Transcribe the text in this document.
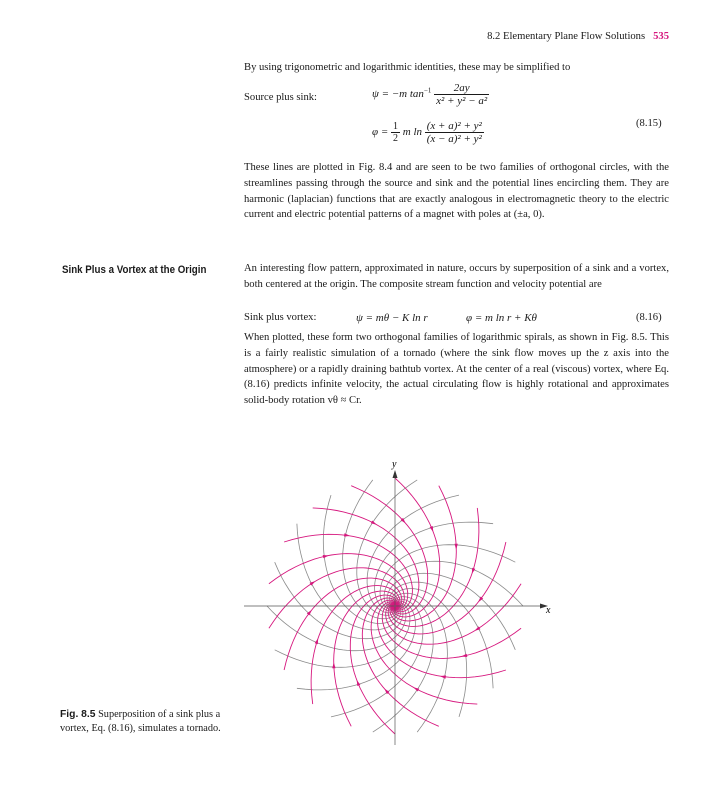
8.2 Elementary Plane Flow Solutions 535
By using trigonometric and logarithmic identities, these may be simplified to
Source plus sink:	ψ = −m $\tan^{-1} \frac{2ay}{\text{x² + y² − a²}}$
$\varphi = \frac{1}{2}$ m $\ln \frac{\text{(x + a)² + y²}}{\text{(x − a)² + y²}}$	(8.15)
These lines are plotted in Fig. 8.4 and are seen to be two families of orthogonal circles, with the streamlines passing through the source and sink and the potential lines encircling them. They are harmonic (laplacian) functions that are exactly analogous in electromagnetic theory to the electric current and electric potential patterns of a magnet with poles at (±a, 0).
Sink Plus a Vortex at the Origin	An interesting flow pattern, approximated in nature, occurs by superposition of a sink and a vortex, both centered at the origin. The composite stream function and velocity potential are
Sink plus vortex:	ψ = mθ − K ln r	φ = m ln r + Kθ	(8.16)
When plotted, these form two orthogonal families of logarithmic spirals, as shown in Fig. 8.5. This is a fairly realistic simulation of a tornado (where the sink flow moves up the z axis into the atmosphere) or a rapidly draining bathtub vortex. At the center of a real (viscous) vortex, where Eq. (8.16) predicts infinite velocity, the actual circulating flow is highly rotational and approximates solid-body rotation vθ ≈ Cr.
x
y
Fig. 8.5 Superposition of a sink plus a vortex, Eq. (8.16), simulates a tornado.
